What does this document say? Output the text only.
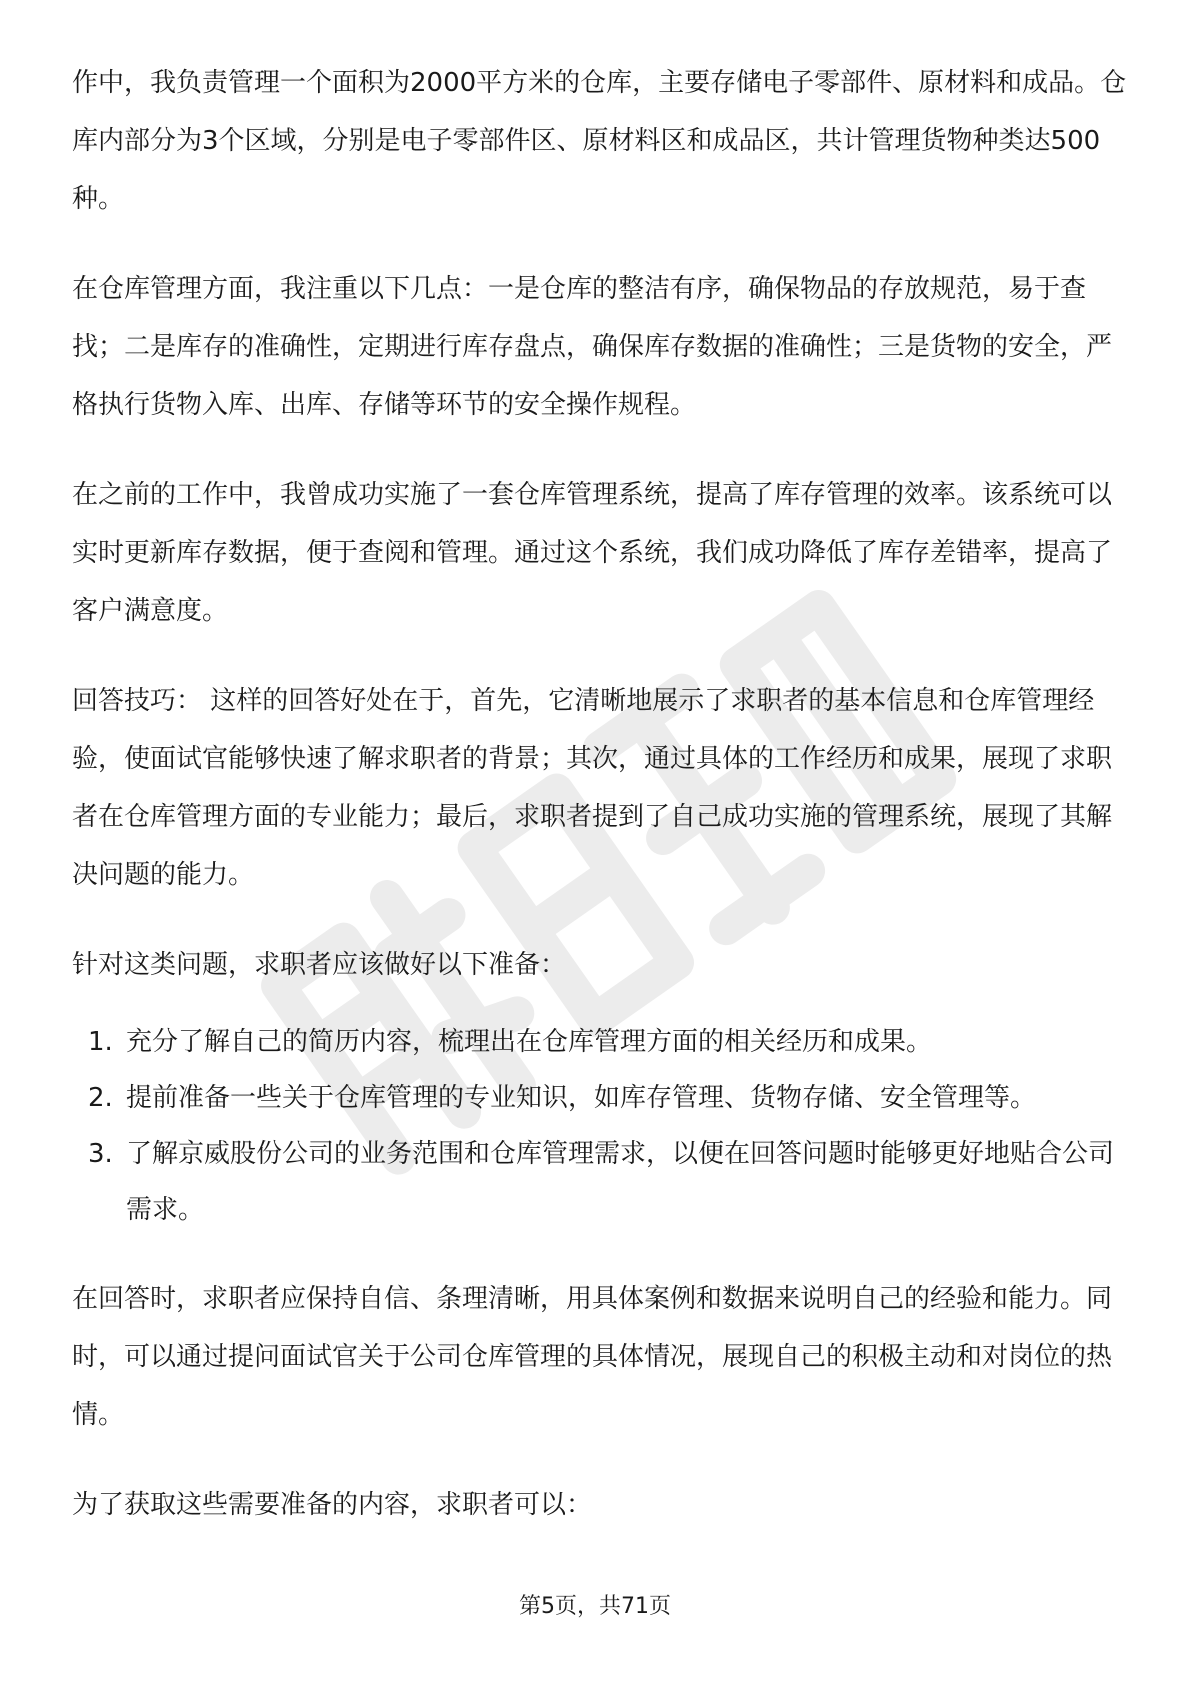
作中，我负责管理一个面积为2000平方米的仓库，主要存储电子零部件、原材料和成品。仓库内部分为3个区域，分别是电子零部件区、原材料区和成品区，共计管理货物种类达500种。

在仓库管理方面，我注重以下几点：一是仓库的整洁有序，确保物品的存放规范，易于查找；二是库存的准确性，定期进行库存盘点，确保库存数据的准确性；三是货物的安全，严格执行货物入库、出库、存储等环节的安全操作规程。

在之前的工作中，我曾成功实施了一套仓库管理系统，提高了库存管理的效率。该系统可以实时更新库存数据，便于查阅和管理。通过这个系统，我们成功降低了库存差错率，提高了客户满意度。

回答技巧： 这样的回答好处在于，首先，它清晰地展示了求职者的基本信息和仓库管理经验，使面试官能够快速了解求职者的背景；其次，通过具体的工作经历和成果，展现了求职者在仓库管理方面的专业能力；最后，求职者提到了自己成功实施的管理系统，展现了其解决问题的能力。

针对这类问题，求职者应该做好以下准备：

1. 充分了解自己的简历内容，梳理出在仓库管理方面的相关经历和成果。
2. 提前准备一些关于仓库管理的专业知识，如库存管理、货物存储、安全管理等。
3. 了解京威股份公司的业务范围和仓库管理需求，以便在回答问题时能够更好地贴合公司需求。

在回答时，求职者应保持自信、条理清晰，用具体案例和数据来说明自己的经验和能力。同时，可以通过提问面试官关于公司仓库管理的具体情况，展现自己的积极主动和对岗位的热情。

为了获取这些需要准备的内容，求职者可以：

第5页，共71页
